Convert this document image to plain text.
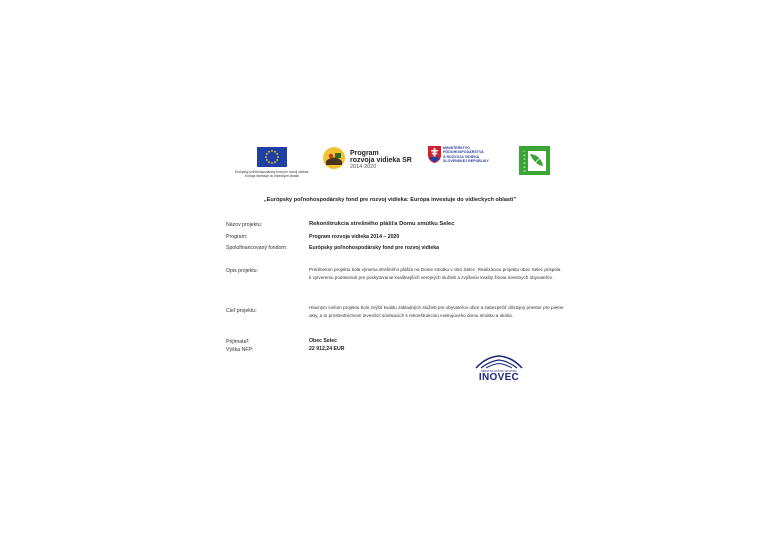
Európsky poľnohospodársky fond pre rozvoj vidieka: Európa investuje do vidieckych oblastí
Program
rozvoja vidieka SR
2014-2020
MINISTERSTVO
PÔDOHOSPODÁRSTVA
A ROZVOJA VIDIEKA
SLOVENSKEJ REPUBLIKY
L
E
A
D
E
R
„Európsky poľnohospodársky fond pre rozvoj vidieka: Európa investuje do vidieckych oblastí"
Názov projektu:	Rekonštrukcia strešného plášťa Domu smútku Selec
Program:	Program rozvoja vidieka 2014 – 2020
Spolufinancovaný fondom:	Európsky poľnohospodársky fond pre rozvoj vidieka
Opis projektu:	Predmetom projektu bola výmena strešného plášťa na Dome smútku v obci Selec. Realizáciou projektu obec Selec prispela k vytvoreniu podmienok pre poskytovanie kvalitnejších verejných služieb a zvýšeniu kvality života miestnych obyvateľov.
Cieľ projektu:
Hlavným cieľom projektu bolo zvýšiť kvalitu základných služieb pre obyvateľov obce a zabezpečiť dôstojný priestor pre pietne akty, a to prostredníctvom investícií súvisiacich s rekonštrukciou existujúceho domu smútku a okolia.
Prijímateľ:	Obec Selec
Výška NFP:	22 912,24 EUR
MIESTNA AKČNÁ SKUPINA
INOVEC
